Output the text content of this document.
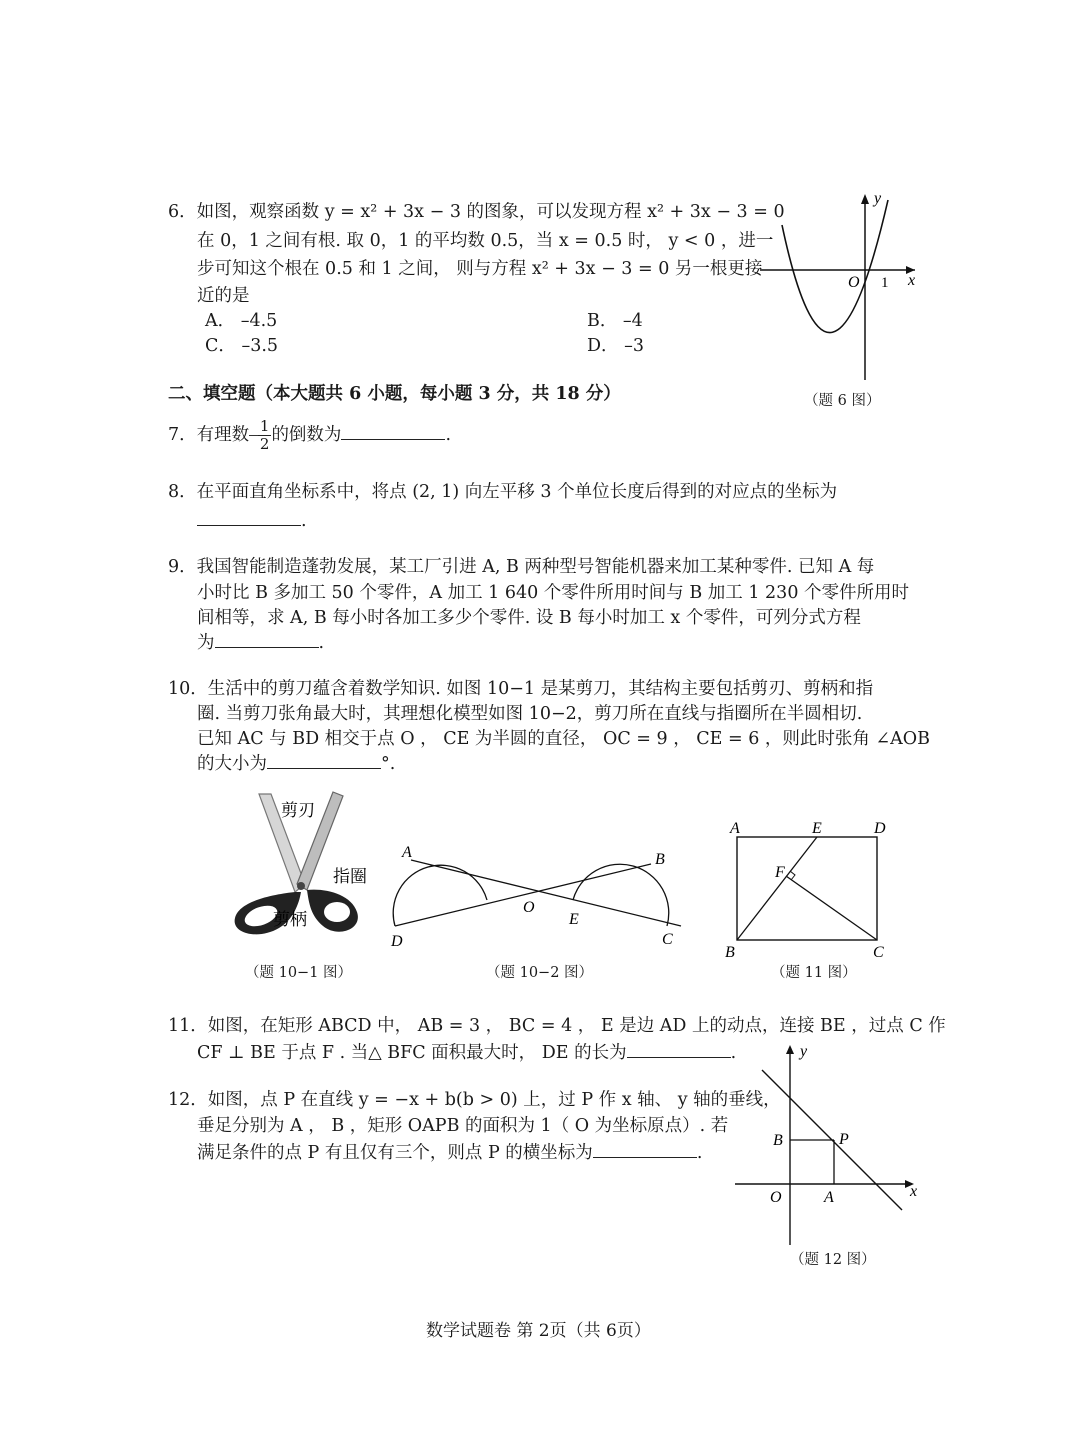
6．如图，观察函数 y = x² + 3x − 3 的图象，可以发现方程 x² + 3x − 3 = 0
在 0，1 之间有根. 取 0，1 的平均数 0.5，当 x = 0.5 时， y < 0 ，进一
步可知这个根在 0.5 和 1 之间， 则与方程 x² + 3x − 3 = 0 另一根更接
近的是
A． –4.5	B． –4
C． –3.5	D． –3
y
x
O 1
（题 6 图）
二、填空题（本大题共 6 小题，每小题 3 分，共 18 分）
7．有理数– $\frac{1}{2}$ 的倒数为	.
8．在平面直角坐标系中，将点 (2, 1) 向左平移 3 个单位长度后得到的对应点的坐标为
.
9．我国智能制造蓬勃发展，某工厂引进 A, B 两种型号智能机器来加工某种零件. 已知 A 每
小时比 B 多加工 50 个零件，A 加工 1 640 个零件所用时间与 B 加工 1 230 个零件所用时
间相等，求 A, B 每小时各加工多少个零件. 设 B 每小时加工 x 个零件，可列分式方程
为	.
10．生活中的剪刀蕴含着数学知识. 如图 10−1 是某剪刀，其结构主要包括剪刃、剪柄和指
圈. 当剪刀张角最大时，其理想化模型如图 10−2，剪刀所在直线与指圈所在半圆相切.
已知 AC 与 BD 相交于点 O ， CE 为半圆的直径， OC = 9 ， CE = 6 ，则此时张角 ∠AOB
的大小为	°.
剪刃
指圈
剪柄
（题 10−1 图）
A	B
C
D
O
E
（题 10−2 图）
A	E	D
F
B	C
（题 11 图）
11．如图，在矩形 ABCD 中， AB = 3 ， BC = 4 ， E 是边 AD 上的动点，连接 BE ，过点 C 作
CF ⊥ BE 于点 F . 当△ BFC 面积最大时， DE 的长为	.
12．如图，点 P 在直线 y = −x + b(b > 0) 上，过 P 作 x 轴、 y 轴的垂线，
垂足分别为 A ， B ，矩形 OAPB 的面积为 1（ O 为坐标原点）. 若
满足条件的点 P 有且仅有三个，则点 P 的横坐标为	.
y
x
O	A
B	P
（题 12 图）
数学试题卷 第 2页（共 6页）
